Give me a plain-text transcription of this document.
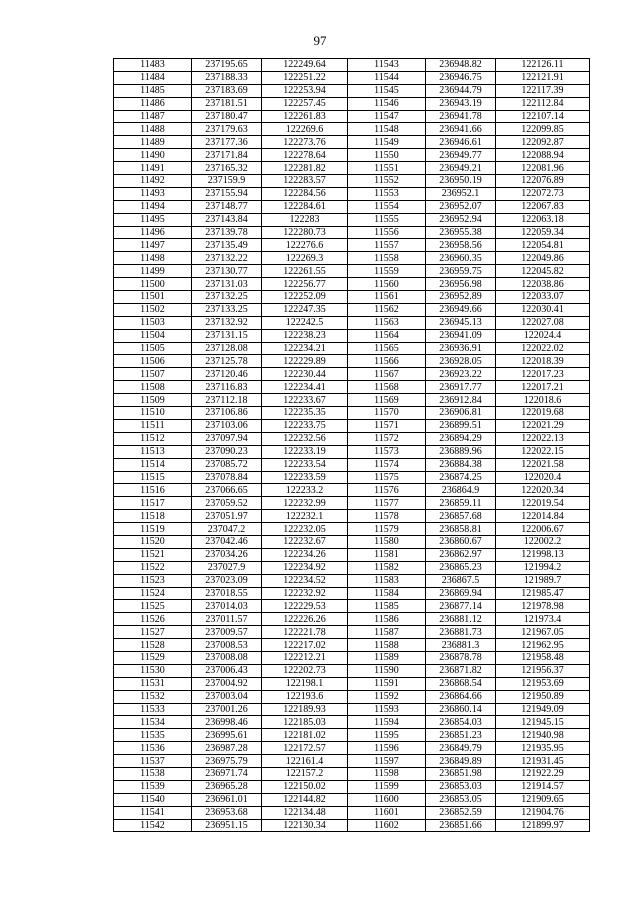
97
11483	237195.65	122249.64	11543	236948.82	122126.11
11484	237188.33	122251.22	11544	236946.75	122121.91
11485	237183.69	122253.94	11545	236944.79	122117.39
11486	237181.51	122257.45	11546	236943.19	122112.84
11487	237180.47	122261.83	11547	236941.78	122107.14
11488	237179.63	122269.6	11548	236941.66	122099.85
11489	237177.36	122273.76	11549	236946.61	122092.87
11490	237171.84	122278.64	11550	236949.77	122088.94
11491	237165.32	122281.82	11551	236949.21	122081.96
11492	237159.9	122283.57	11552	236950.19	122076.89
11493	237155.94	122284.56	11553	236952.1	122072.73
11494	237148.77	122284.61	11554	236952.07	122067.83
11495	237143.84	122283	11555	236952.94	122063.18
11496	237139.78	122280.73	11556	236955.38	122059.34
11497	237135.49	122276.6	11557	236958.56	122054.81
11498	237132.22	122269.3	11558	236960.35	122049.86
11499	237130.77	122261.55	11559	236959.75	122045.82
11500	237131.03	122256.77	11560	236956.98	122038.86
11501	237132.25	122252.09	11561	236952.89	122033.07
11502	237133.25	122247.35	11562	236949.66	122030.41
11503	237132.92	122242.5	11563	236945.13	122027.08
11504	237131.15	122238.23	11564	236941.09	122024.4
11505	237128.08	122234.21	11565	236936.91	122022.02
11506	237125.78	122229.89	11566	236928.05	122018.39
11507	237120.46	122230.44	11567	236923.22	122017.23
11508	237116.83	122234.41	11568	236917.77	122017.21
11509	237112.18	122233.67	11569	236912.84	122018.6
11510	237106.86	122235.35	11570	236906.81	122019.68
11511	237103.06	122233.75	11571	236899.51	122021.29
11512	237097.94	122232.56	11572	236894.29	122022.13
11513	237090.23	122233.19	11573	236889.96	122022.15
11514	237085.72	122233.54	11574	236884.38	122021.58
11515	237078.84	122233.59	11575	236874.25	122020.4
11516	237066.65	122233.2	11576	236864.9	122020.34
11517	237059.52	122232.99	11577	236859.11	122019.54
11518	237051.97	122232.1	11578	236857.68	122014.84
11519	237047.2	122232.05	11579	236858.81	122006.67
11520	237042.46	122232.67	11580	236860.67	122002.2
11521	237034.26	122234.26	11581	236862.97	121998.13
11522	237027.9	122234.92	11582	236865.23	121994.2
11523	237023.09	122234.52	11583	236867.5	121989.7
11524	237018.55	122232.92	11584	236869.94	121985.47
11525	237014.03	122229.53	11585	236877.14	121978.98
11526	237011.57	122226.26	11586	236881.12	121973.4
11527	237009.57	122221.78	11587	236881.73	121967.05
11528	237008.53	122217.02	11588	236881.3	121962.95
11529	237008.08	122212.21	11589	236878.78	121958.48
11530	237006.43	122202.73	11590	236871.82	121956.37
11531	237004.92	122198.1	11591	236868.54	121953.69
11532	237003.04	122193.6	11592	236864.66	121950.89
11533	237001.26	122189.93	11593	236860.14	121949.09
11534	236998.46	122185.03	11594	236854.03	121945.15
11535	236995.61	122181.02	11595	236851.23	121940.98
11536	236987.28	122172.57	11596	236849.79	121935.95
11537	236975.79	122161.4	11597	236849.89	121931.45
11538	236971.74	122157.2	11598	236851.98	121922.29
11539	236965.28	122150.02	11599	236853.03	121914.57
11540	236961.01	122144.82	11600	236853.05	121909.65
11541	236953.68	122134.48	11601	236852.59	121904.76
11542	236951.15	122130.34	11602	236851.66	121899.97
